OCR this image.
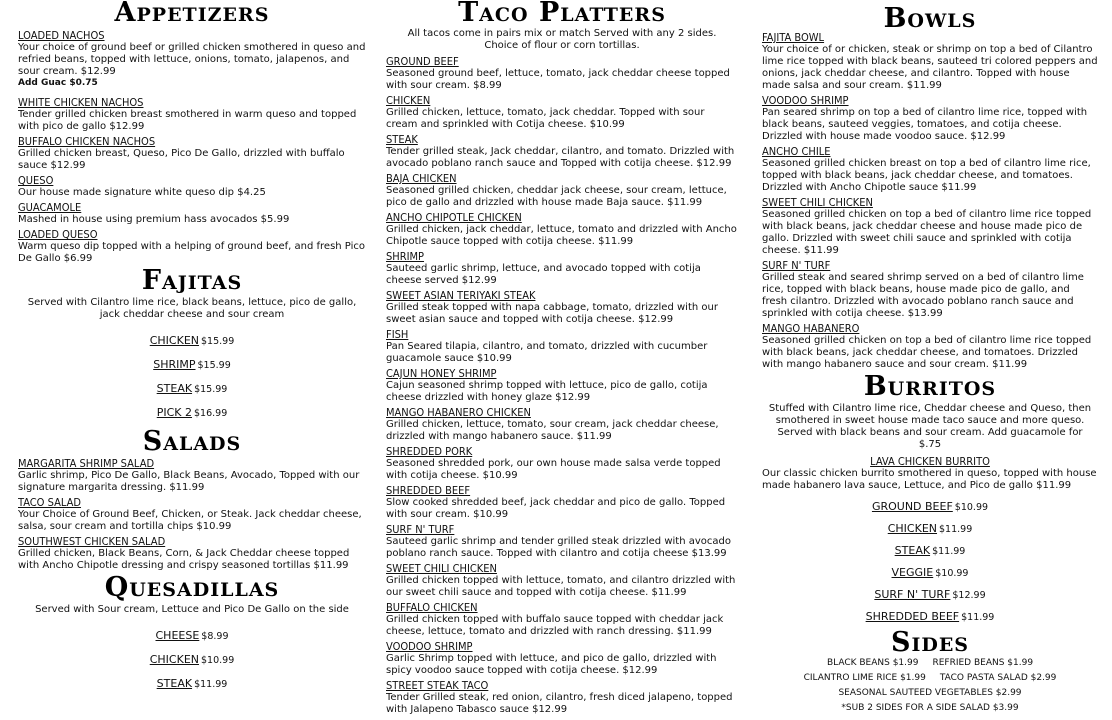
Appetizers
LOADED NACHOS
Your choice of ground beef or grilled chicken smothered in queso and refried beans, topped with lettuce, onions, tomato, jalapenos, and sour cream. $12.99
Add Guac $0.75
WHITE CHICKEN NACHOS
Tender grilled chicken breast smothered in warm queso and topped with pico de gallo $12.99
BUFFALO CHICKEN NACHOS
Grilled chicken breast, Queso, Pico De Gallo, drizzled with buffalo sauce $12.99
QUESO
Our house made signature white queso dip $4.25
GUACAMOLE
Mashed in house using premium hass avocados $5.99
LOADED QUESO
Warm queso dip topped with a helping of ground beef, and fresh Pico De Gallo $6.99
Fajitas
Served with Cilantro lime rice, black beans, lettuce, pico de gallo, jack cheddar cheese and sour cream
CHICKEN $15.99
SHRIMP $15.99
STEAK $15.99
PICK 2 $16.99
Salads
MARGARITA SHRIMP SALAD
Garlic shrimp, Pico De Gallo, Black Beans, Avocado, Topped with our signature margarita dressing. $11.99
TACO SALAD
Your Choice of Ground Beef, Chicken, or Steak. Jack cheddar cheese, salsa, sour cream and tortilla chips $10.99
SOUTHWEST CHICKEN SALAD
Grilled chicken, Black Beans, Corn, & Jack Cheddar cheese topped with Ancho Chipotle dressing and crispy seasoned tortillas $11.99
Quesadillas
Served with Sour cream, Lettuce and Pico De Gallo on the side
CHEESE $8.99
CHICKEN $10.99
STEAK $11.99
Taco Platters
All tacos come in pairs mix or match Served with any 2 sides. Choice of flour or corn tortillas.
GROUND BEEF
Seasoned ground beef, lettuce, tomato, jack cheddar cheese topped with sour cream. $8.99
CHICKEN
Grilled chicken, lettuce, tomato, jack cheddar. Topped with sour cream and sprinkled with Cotija cheese. $10.99
STEAK
Tender grilled steak, Jack cheddar, cilantro, and tomato. Drizzled with avocado poblano ranch sauce and Topped with cotija cheese. $12.99
BAJA CHICKEN
Seasoned grilled chicken, cheddar jack cheese, sour cream, lettuce, pico de gallo and drizzled with house made Baja sauce. $11.99
ANCHO CHIPOTLE CHICKEN
Grilled chicken, jack cheddar, lettuce, tomato and drizzled with Ancho Chipotle sauce topped with cotija cheese. $11.99
SHRIMP
Sauteed garlic shrimp, lettuce, and avocado topped with cotija cheese served $12.99
SWEET ASIAN TERIYAKI STEAK
Grilled steak topped with napa cabbage, tomato, drizzled with our sweet asian sauce and topped with cotija cheese. $12.99
FISH
Pan Seared tilapia, cilantro, and tomato, drizzled with cucumber guacamole sauce $10.99
CAJUN HONEY SHRIMP
Cajun seasoned shrimp topped with lettuce, pico de gallo, cotija cheese drizzled with honey glaze $12.99
MANGO HABANERO CHICKEN
Grilled chicken, lettuce, tomato, sour cream, jack cheddar cheese, drizzled with mango habanero sauce. $11.99
SHREDDED PORK
Seasoned shredded pork, our own house made salsa verde topped with cotija cheese. $10.99
SHREDDED BEEF
Slow cooked shredded beef, jack cheddar and pico de gallo. Topped with sour cream. $10.99
SURF N' TURF
Sauteed garlic shrimp and tender grilled steak drizzled with avocado poblano ranch sauce. Topped with cilantro and cotija cheese $13.99
SWEET CHILI CHICKEN
Grilled chicken topped with lettuce, tomato, and cilantro drizzled with our sweet chili sauce and topped with cotija cheese. $11.99
BUFFALO CHICKEN
Grilled chicken topped with buffalo sauce topped with cheddar jack cheese, lettuce, tomato and drizzled with ranch dressing. $11.99
VOODOO SHRIMP
Garlic Shrimp topped with lettuce, and pico de gallo, drizzled with spicy voodoo sauce topped with cotija cheese. $12.99
STREET STEAK TACO
Tender Grilled steak, red onion, cilantro, fresh diced jalapeno, topped with Jalapeno Tabasco sauce $12.99
Bowls
FAJITA BOWL
Your choice of or chicken, steak or shrimp on top a bed of Cilantro lime rice topped with black beans, sauteed tri colored peppers and onions, jack cheddar cheese, and cilantro. Topped with house made salsa and sour cream. $11.99
VOODOO SHRIMP
Pan seared shrimp on top a bed of cilantro lime rice, topped with black beans, sauteed veggies, tomatoes, and cotija cheese. Drizzled with house made voodoo sauce. $12.99
ANCHO CHILE
Seasoned grilled chicken breast on top a bed of cilantro lime rice, topped with black beans, jack cheddar cheese, and tomatoes. Drizzled with Ancho Chipotle sauce $11.99
SWEET CHILI CHICKEN
Seasoned grilled chicken on top a bed of cilantro lime rice topped with black beans, jack cheddar cheese and house made pico de gallo. Drizzled with sweet chili sauce and sprinkled with cotija cheese. $11.99
SURF N' TURF
Grilled steak and seared shrimp served on a bed of cilantro lime rice, topped with black beans, house made pico de gallo, and fresh cilantro. Drizzled with avocado poblano ranch sauce and sprinkled with cotija cheese. $13.99
MANGO HABANERO
Seasoned grilled chicken on top a bed of cilantro lime rice topped with black beans, jack cheddar cheese, and tomatoes. Drizzled with mango habanero sauce and sour cream. $11.99
Burritos
Stuffed with Cilantro lime rice, Cheddar cheese and Queso, then smothered in sweet house made taco sauce and more queso. Served with black beans and sour cream. Add guacamole for $.75
LAVA CHICKEN BURRITO
Our classic chicken burrito smothered in queso, topped with house made habanero lava sauce, Lettuce, and Pico de gallo $11.99
GROUND BEEF $10.99
CHICKEN $11.99
STEAK $11.99
VEGGIE $10.99
SURF N' TURF $12.99
SHREDDED BEEF $11.99
Sides
BLACK BEANS $1.99 REFRIED BEANS $1.99
CILANTRO LIME RICE $1.99 TACO PASTA SALAD $2.99
SEASONAL SAUTEED VEGETABLES $2.99
*SUB 2 SIDES FOR A SIDE SALAD $3.99
